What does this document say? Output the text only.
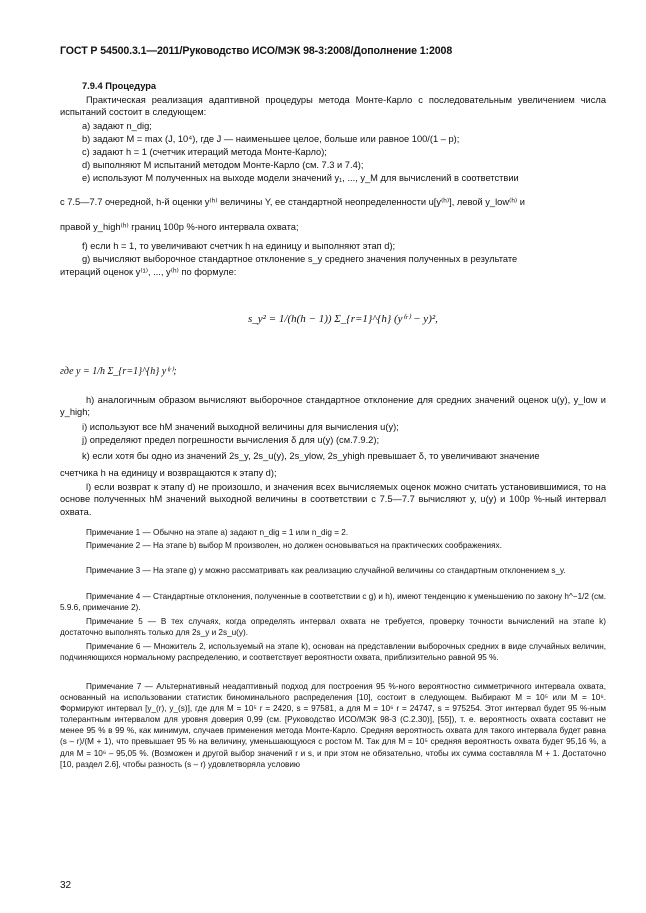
ГОСТ Р 54500.3.1—2011/Руководство ИСО/МЭК 98-3:2008/Дополнение 1:2008
7.9.4 Процедура
Практическая реализация адаптивной процедуры метода Монте-Карло с последовательным увеличением числа испытаний состоит в следующем:
а) задают n_dig;
b) задают M = max (J, 10⁴), где J — наименьшее целое, больше или равное 100/(1 – p);
c) задают h = 1 (счетчик итераций метода Монте-Карло);
d) выполняют M испытаний методом Монте-Карло (см. 7.3 и 7.4);
е) используют M полученных на выходе модели значений y₁, ..., y_M для вычислений в соответствии
с 7.5—7.7 очередной, h-й оценки y⁽ʰ⁾ величины Y, ее стандартной неопределенности u[y⁽ʰ⁾], левой y_low⁽ʰ⁾ и
правой y_high⁽ʰ⁾ границ 100p %-ного интервала охвата;
f) если h = 1, то увеличивают счетчик h на единицу и выполняют этап d);
g) вычисляют выборочное стандартное отклонение s_y среднего значения полученных в результате
итераций оценок y⁽¹⁾, ..., y⁽ʰ⁾ по формуле:
s_y² = 1/(h(h − 1)) Σ_{r=1}^{h} (y⁽ʳ⁾ − y)²,
где y = 1/h Σ_{r=1}^{h} y⁽ʳ⁾;
h) аналогичным образом вычисляют выборочное стандартное отклонение для средних значений оценок u(y), y_low и y_high;
i) используют все hM значений выходной величины для вычисления u(y);
j) определяют предел погрешности вычисления δ для u(y) (см.7.9.2);
k) если хотя бы одно из значений 2s_y, 2s_u(y), 2s_ylow, 2s_yhigh превышает δ, то увеличивают значение
счетчика h на единицу и возвращаются к этапу d);
l) если возврат к этапу d) не произошло, и значения всех вычисляемых оценок можно считать установившимися, то на основе полученных hM значений выходной величины в соответствии с 7.5—7.7 вычисляют y, u(y) и 100p %-ный интервал охвата.
Примечание 1 — Обычно на этапе а) задают n_dig = 1 или n_dig = 2.
Примечание 2 — На этапе b) выбор M произволен, но должен основываться на практических соображениях.
Примечание 3 — На этапе g) y можно рассматривать как реализацию случайной величины со стандартным отклонением s_y.
Примечание 4 — Стандартные отклонения, полученные в соответствии с g) и h), имеют тенденцию к уменьшению по закону h^−1/2 (см. 5.9.6, примечание 2).
Примечание 5 — В тех случаях, когда определять интервал охвата не требуется, проверку точности вычислений на этапе k) достаточно выполнять только для 2s_y и 2s_u(y).
Примечание 6 — Множитель 2, используемый на этапе k), основан на представлении выборочных средних в виде случайных величин, подчиняющихся нормальному распределению, и соответствует вероятности охвата, приблизительно равной 95 %.
Примечание 7 — Альтернативный неадаптивный подход для построения 95 %-ного вероятностно симметричного интервала охвата, основанный на использовании статистик биноминального распределения [10], состоит в следующем. Выбирают M = 10⁵ или M = 10⁶. Формируют интервал [y_(r), y_(s)], где для M = 10⁵ r = 2420, s = 97581, а для M = 10⁶ r = 24747, s = 975254. Этот интервал будет 95 %-ным толерантным интервалом для уровня доверия 0,99 (см. [Руководство ИСО/МЭК 98-3 (С.2.30)], [55]), т. е. вероятность охвата составит не менее 95 % в 99 %, как минимум, случаев применения метода Монте-Карло. Средняя вероятность охвата для такого интервала будет равна (s – r)/(M + 1), что превышает 95 % на величину, уменьшающуюся с ростом M. Так для M = 10⁵ средняя вероятность охвата будет 95,16 %, а для M = 10⁶ – 95,05 %. (Возможен и другой выбор значений r и s, и при этом не обязательно, чтобы их сумма составляла M + 1. Достаточно [10, раздел 2.6], чтобы разность (s – r) удовлетворяла условию
32
